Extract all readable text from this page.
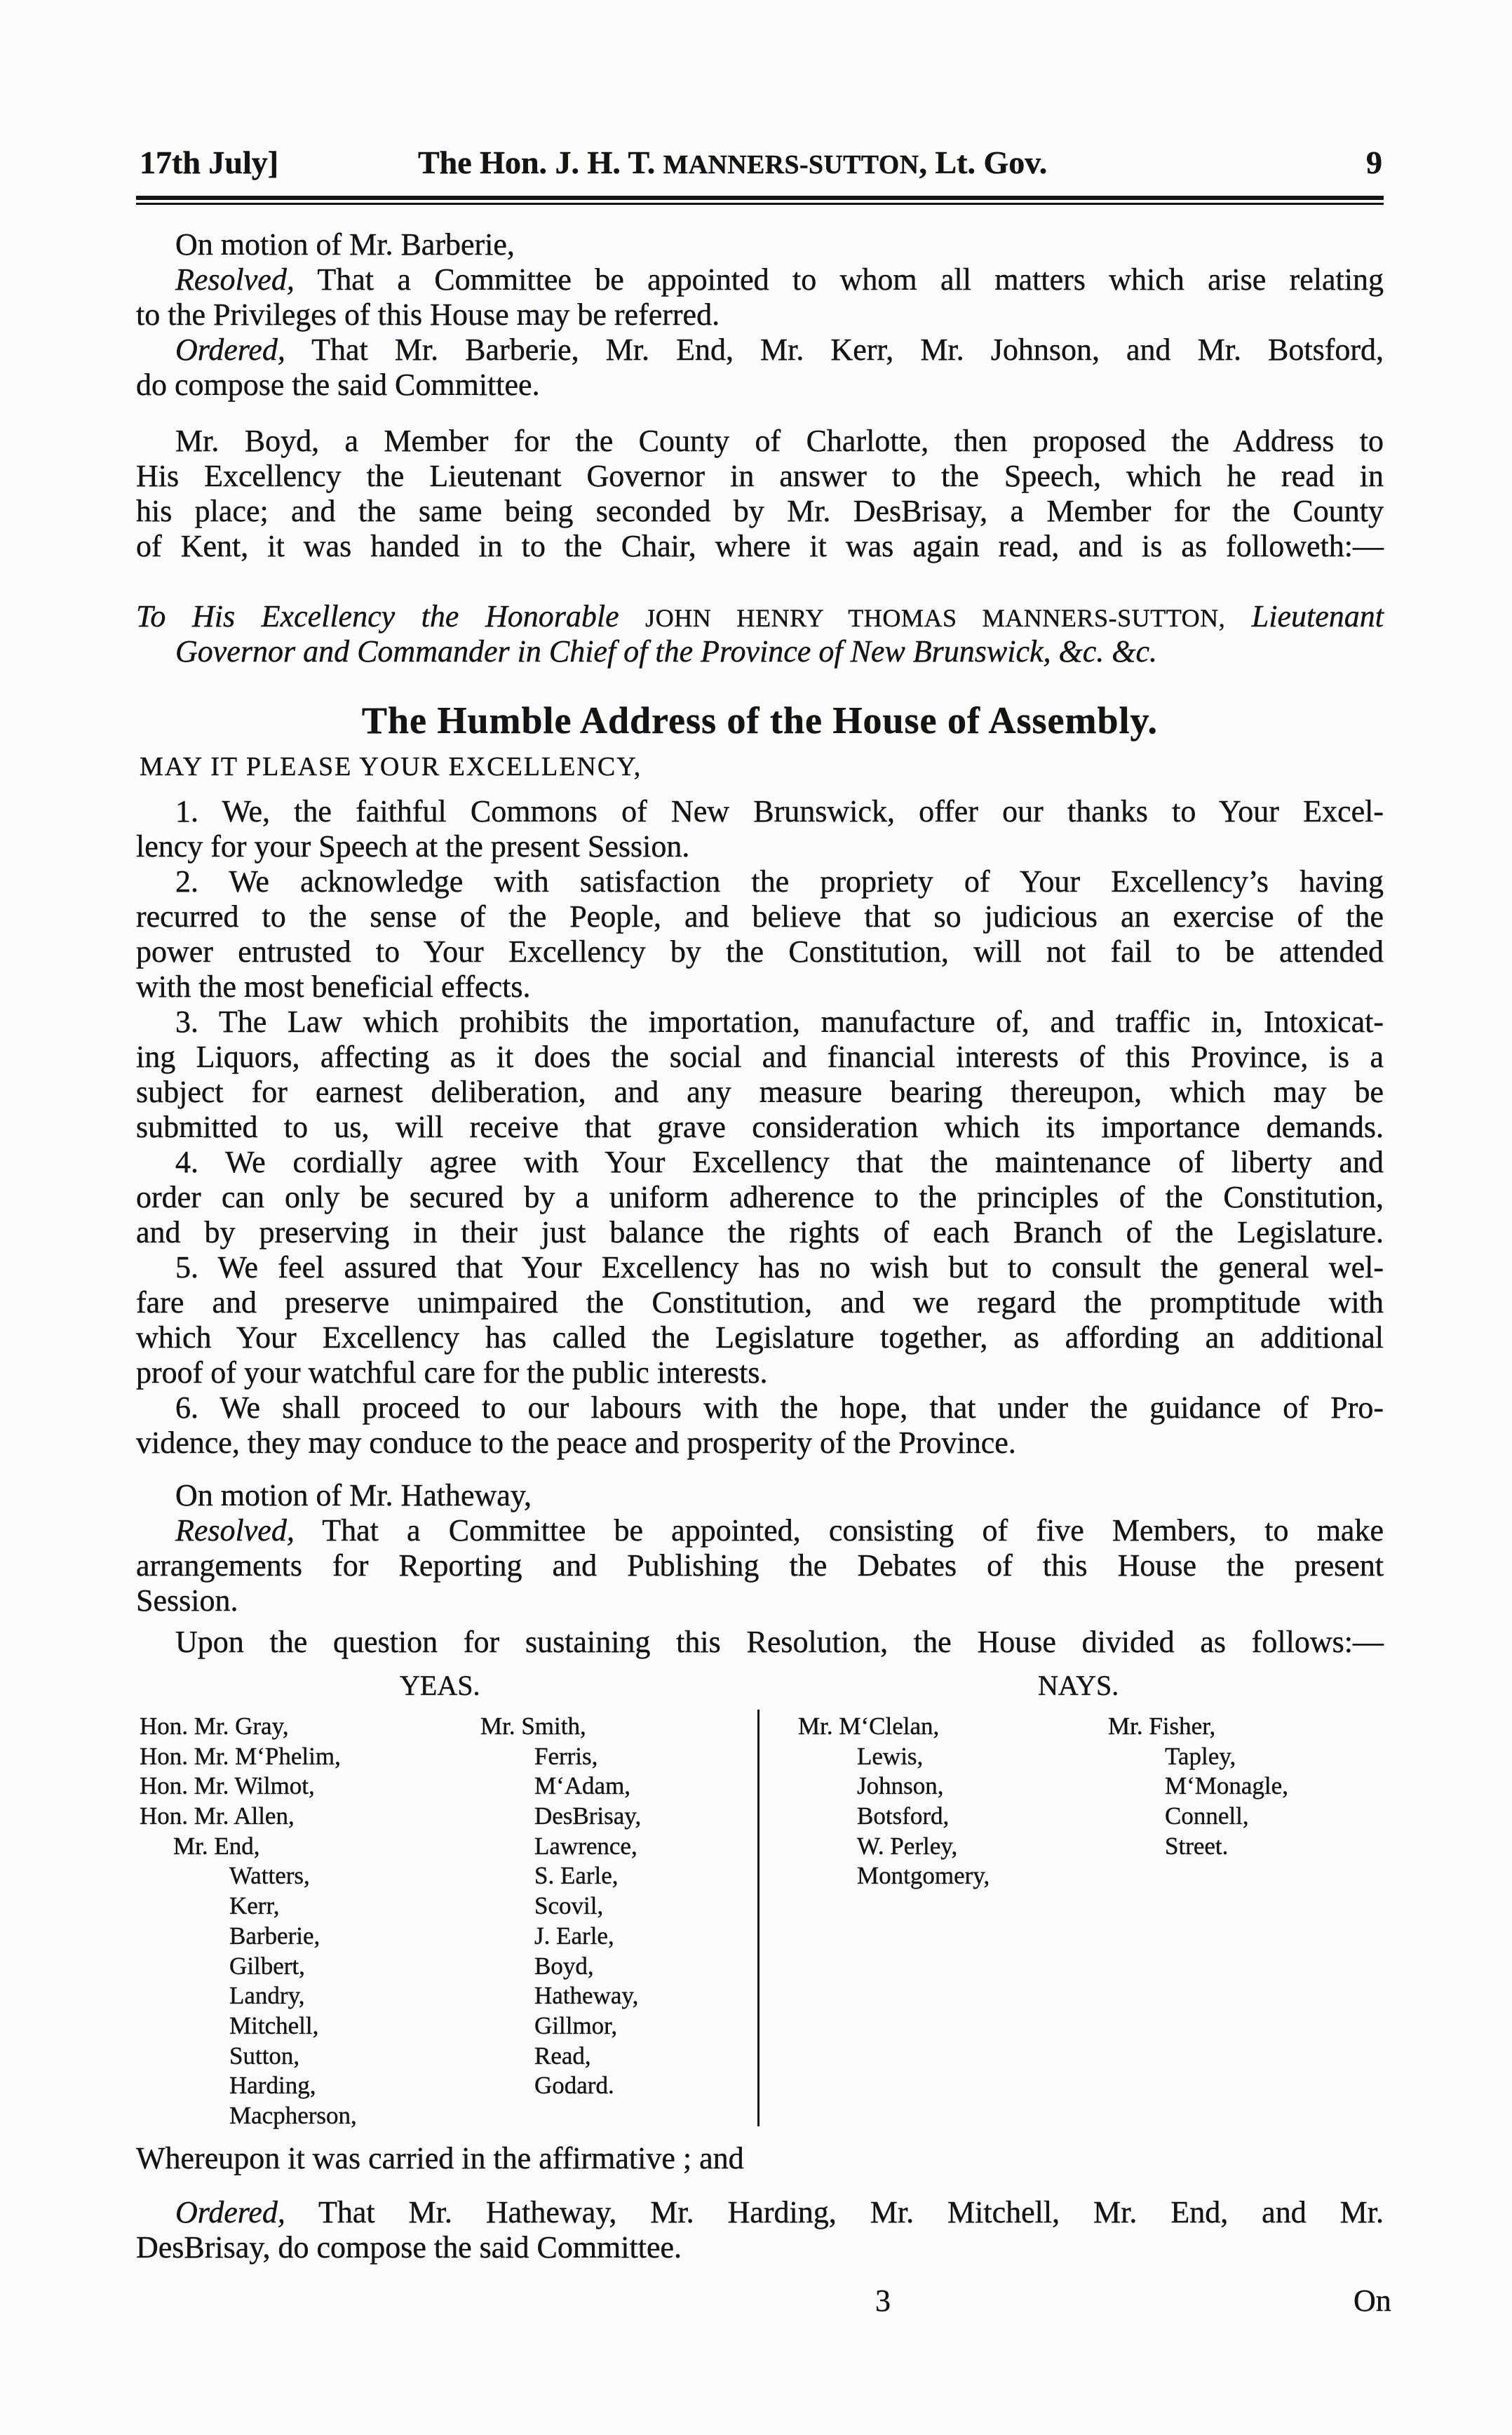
17th July]	The Hon. J. H. T. MANNERS-SUTTON, Lt. Gov.	9
On motion of Mr. Barberie,
Resolved, That a Committee be appointed to whom all matters which arise relating
to the Privileges of this House may be referred.
Ordered, That Mr. Barberie, Mr. End, Mr. Kerr, Mr. Johnson, and Mr. Botsford,
do compose the said Committee.
Mr. Boyd, a Member for the County of Charlotte, then proposed the Address to
His Excellency the Lieutenant Governor in answer to the Speech, which he read in
his place; and the same being seconded by Mr. DesBrisay, a Member for the County
of Kent, it was handed in to the Chair, where it was again read, and is as followeth:—
To His Excellency the Honorable JOHN HENRY THOMAS MANNERS-SUTTON, Lieutenant
Governor and Commander in Chief of the Province of New Brunswick, &c. &c.
The Humble Address of the House of Assembly.
MAY IT PLEASE YOUR EXCELLENCY,
1. We, the faithful Commons of New Brunswick, offer our thanks to Your Excel-
lency for your Speech at the present Session.
2. We acknowledge with satisfaction the propriety of Your Excellency’s having
recurred to the sense of the People, and believe that so judicious an exercise of the
power entrusted to Your Excellency by the Constitution, will not fail to be attended
with the most beneficial effects.
3. The Law which prohibits the importation, manufacture of, and traffic in, Intoxicat-
ing Liquors, affecting as it does the social and financial interests of this Province, is a
subject for earnest deliberation, and any measure bearing thereupon, which may be
submitted to us, will receive that grave consideration which its importance demands.
4. We cordially agree with Your Excellency that the maintenance of liberty and
order can only be secured by a uniform adherence to the principles of the Constitution,
and by preserving in their just balance the rights of each Branch of the Legislature.
5. We feel assured that Your Excellency has no wish but to consult the general wel-
fare and preserve unimpaired the Constitution, and we regard the promptitude with
which Your Excellency has called the Legislature together, as affording an additional
proof of your watchful care for the public interests.
6. We shall proceed to our labours with the hope, that under the guidance of Pro-
vidence, they may conduce to the peace and prosperity of the Province.
On motion of Mr. Hatheway,
Resolved, That a Committee be appointed, consisting of five Members, to make
arrangements for Reporting and Publishing the Debates of this House the present
Session.
Upon the question for sustaining this Resolution, the House divided as follows:—
YEAS.	NAYS.
Hon. Mr. Gray,
Hon. Mr. M‘Phelim,
Hon. Mr. Wilmot,
Hon. Mr. Allen,
Mr. End,
Watters,
Kerr,
Barberie,
Gilbert,
Landry,
Mitchell,
Sutton,
Harding,
Macpherson,
Mr. Smith,
Ferris,
M‘Adam,
DesBrisay,
Lawrence,
S. Earle,
Scovil,
J. Earle,
Boyd,
Hatheway,
Gillmor,
Read,
Godard.
Mr. M‘Clelan,
Lewis,
Johnson,
Botsford,
W. Perley,
Montgomery,
Mr. Fisher,
Tapley,
M‘Monagle,
Connell,
Street.
Whereupon it was carried in the affirmative ; and
Ordered, That Mr. Hatheway, Mr. Harding, Mr. Mitchell, Mr. End, and Mr.
DesBrisay, do compose the said Committee.
3	On
